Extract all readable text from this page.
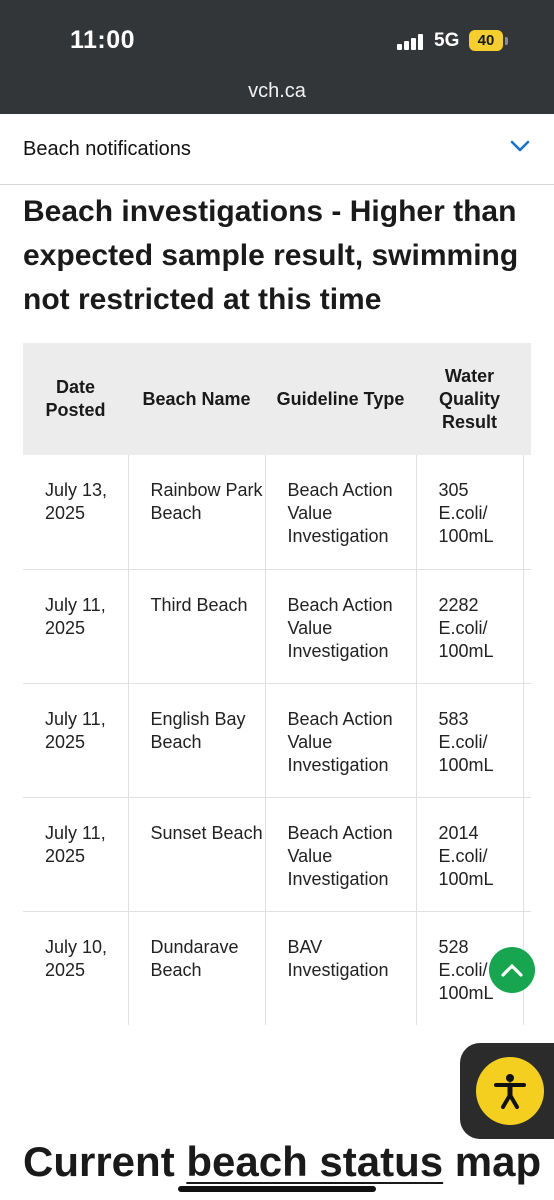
11:00	5G	40
vch.ca
Beach notifications
Beach investigations - Higher than expected sample result, swimming not restricted at this time
Date Posted	Beach Name	Guideline Type	Water Quality Result	
July 13, 2025	Rainbow Park Beach	Beach Action Value Investigation	305 E.coli/ 100mL	
July 11, 2025	Third Beach	Beach Action Value Investigation	2282 E.coli/ 100mL	
July 11, 2025	English Bay Beach	Beach Action Value Investigation	583 E.coli/ 100mL	
July 11, 2025	Sunset Beach	Beach Action Value Investigation	2014 E.coli/ 100mL	
July 10, 2025	Dundarave Beach	BAV Investigation	528 E.coli/ 100mL	
Current beach status map
